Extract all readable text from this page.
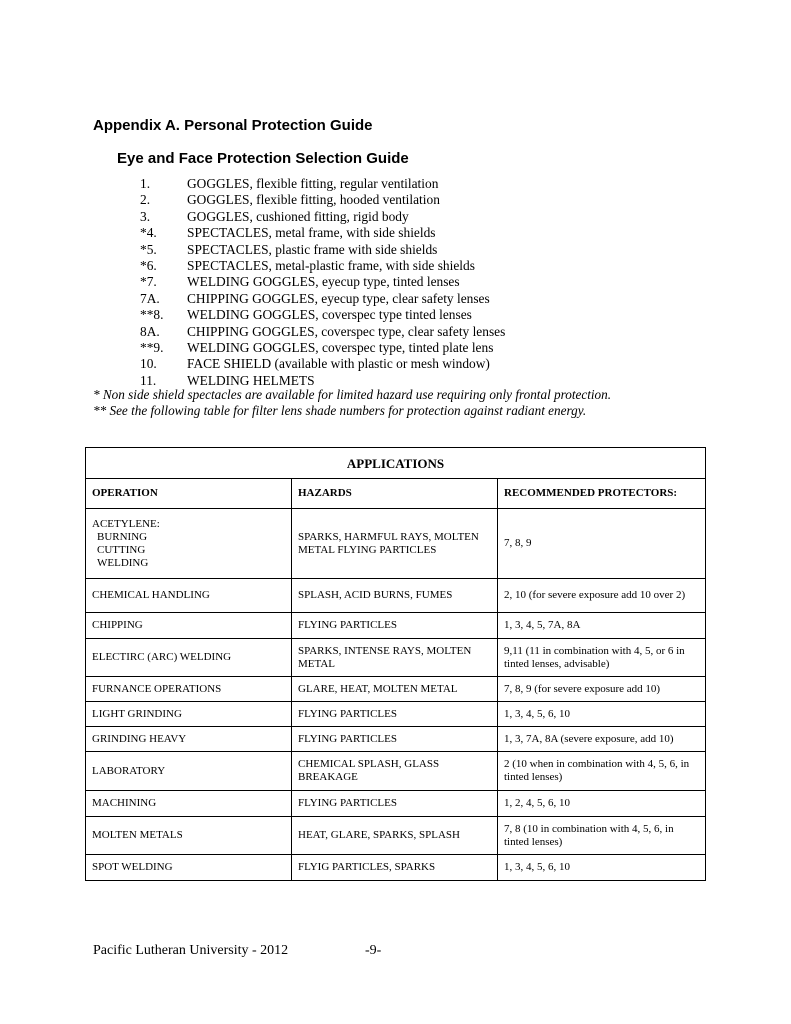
Appendix A. Personal Protection Guide
Eye and Face Protection Selection Guide
1.	GOGGLES, flexible fitting, regular ventilation
2.	GOGGLES, flexible fitting, hooded ventilation
3.	GOGGLES, cushioned fitting, rigid body
*4. SPECTACLES, metal frame, with side shields
*5. SPECTACLES, plastic frame with side shields
*6. SPECTACLES, metal-plastic frame, with side shields
*7. WELDING GOGGLES, eyecup type, tinted lenses
7A. CHIPPING GOGGLES, eyecup type, clear safety lenses
**8. WELDING GOGGLES, coverspec type tinted lenses
8A. CHIPPING GOGGLES, coverspec type, clear safety lenses
**9. WELDING GOGGLES, coverspec type, tinted plate lens
10. FACE SHIELD (available with plastic or mesh window)
11. WELDING HELMETS
* Non side shield spectacles are available for limited hazard use requiring only frontal protection.
** See the following table for filter lens shade numbers for protection against radiant energy.
APPLICATIONS		
OPERATION	HAZARDS	RECOMMENDED PROTECTORS:
ACETYLENE:
BURNING
CUTTING
WELDING	SPARKS, HARMFUL RAYS, MOLTEN METAL FLYING PARTICLES	7, 8, 9
CHEMICAL HANDLING	SPLASH, ACID BURNS, FUMES	2, 10 (for severe exposure add 10 over 2)
CHIPPING	FLYING PARTICLES	1, 3, 4, 5, 7A, 8A
ELECTIRC (ARC) WELDING	SPARKS, INTENSE RAYS, MOLTEN METAL	9,11 (11 in combination with 4, 5, or 6 in tinted lenses, advisable)
FURNANCE OPERATIONS	GLARE, HEAT, MOLTEN METAL	7, 8, 9 (for severe exposure add 10)
LIGHT GRINDING	FLYING PARTICLES	1, 3, 4, 5, 6, 10
GRINDING HEAVY	FLYING PARTICLES	1, 3, 7A, 8A (severe exposure, add 10)
LABORATORY	CHEMICAL SPLASH, GLASS BREAKAGE	2 (10 when in combination with 4, 5, 6, in tinted lenses)
MACHINING	FLYING PARTICLES	1, 2, 4, 5, 6, 10
MOLTEN METALS	HEAT, GLARE, SPARKS, SPLASH	7, 8 (10 in combination with 4, 5, 6, in tinted lenses)
SPOT WELDING	FLYIG PARTICLES, SPARKS	1, 3, 4, 5, 6, 10
Pacific Lutheran University - 2012	-9-
